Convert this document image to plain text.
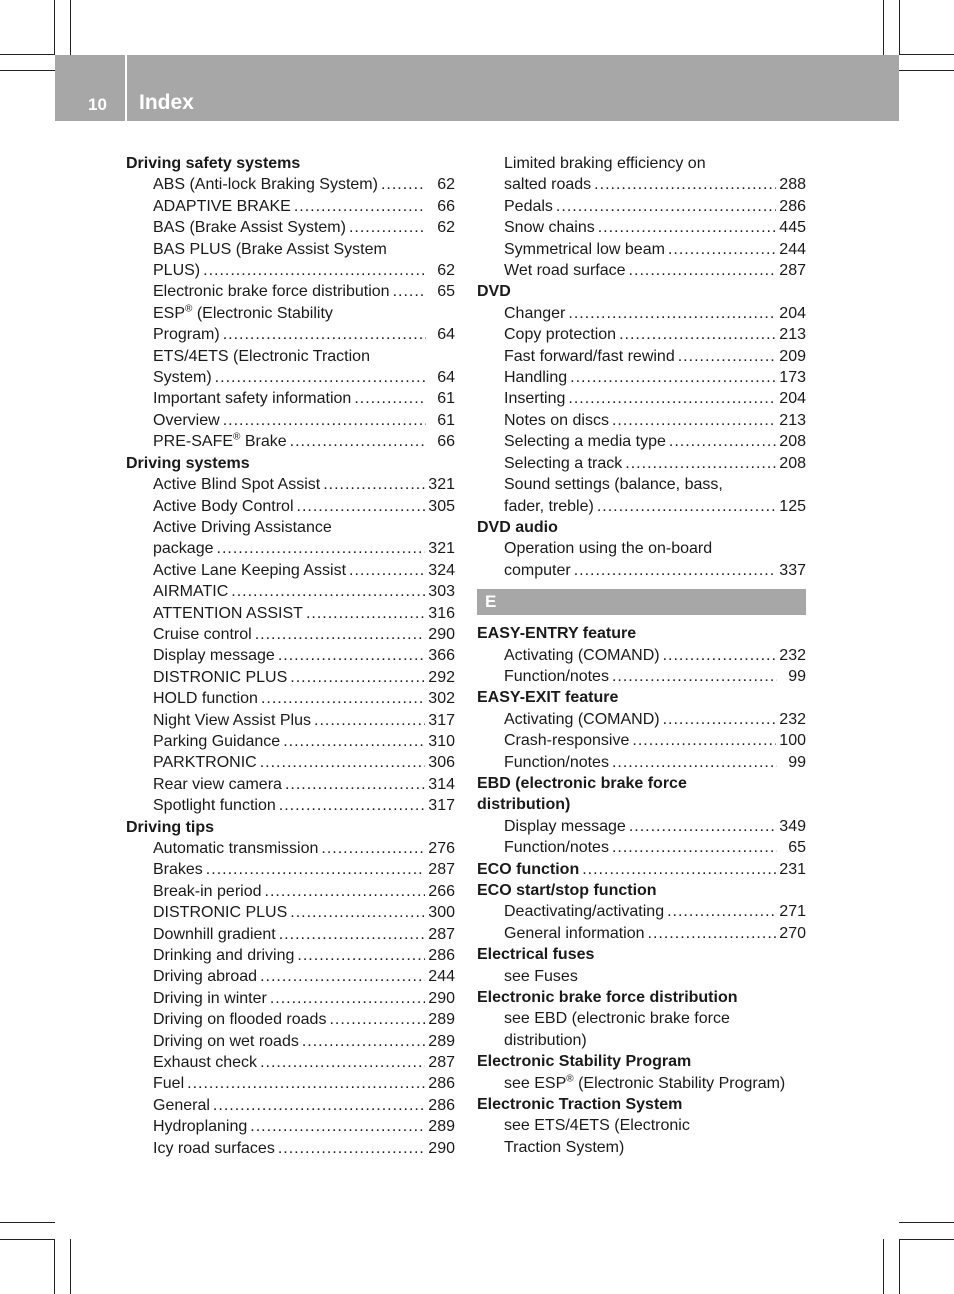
10 Index
Driving safety systems
ABS (Anti-lock Braking System) .....	62
ADAPTIVE BRAKE .....	66
BAS (Brake Assist System) .....	62
BAS PLUS (Brake Assist System
PLUS) .....	62
Electronic brake force distribution .....	65
ESP® (Electronic Stability
Program) .....	64
ETS/4ETS (Electronic Traction
System) .....	64
Important safety information .....	61
Overview .....	61
PRE-SAFE® Brake .....	66
Driving systems
Active Blind Spot Assist .....	321
Active Body Control .....	305
Active Driving Assistance
package .....	321
Active Lane Keeping Assist .....	324
AIRMATIC .....	303
ATTENTION ASSIST .....	316
Cruise control .....	290
Display message .....	366
DISTRONIC PLUS .....	292
HOLD function .....	302
Night View Assist Plus .....	317
Parking Guidance .....	310
PARKTRONIC .....	306
Rear view camera .....	314
Spotlight function .....	317
Driving tips
Automatic transmission .....	276
Brakes .....	287
Break-in period .....	266
DISTRONIC PLUS .....	300
Downhill gradient .....	287
Drinking and driving .....	286
Driving abroad .....	244
Driving in winter .....	290
Driving on flooded roads .....	289
Driving on wet roads .....	289
Exhaust check .....	287
Fuel .....	286
General .....	286
Hydroplaning .....	289
Icy road surfaces .....	290
Limited braking efficiency on
salted roads .....	288
Pedals .....	286
Snow chains .....	445
Symmetrical low beam .....	244
Wet road surface .....	287
DVD
Changer .....	204
Copy protection .....	213
Fast forward/fast rewind .....	209
Handling .....	173
Inserting .....	204
Notes on discs .....	213
Selecting a media type .....	208
Selecting a track .....	208
Sound settings (balance, bass,
fader, treble) .....	125
DVD audio
Operation using the on-board
computer .....	337
E
EASY-ENTRY feature
Activating (COMAND) .....	232
Function/notes .....	99
EASY-EXIT feature
Activating (COMAND) .....	232
Crash-responsive .....	100
Function/notes .....	99
EBD (electronic brake force
distribution)
Display message .....	349
Function/notes .....	65
ECO function .....	231
ECO start/stop function
Deactivating/activating .....	271
General information .....	270
Electrical fuses
see Fuses
Electronic brake force distribution
see EBD (electronic brake force
distribution)
Electronic Stability Program
see ESP® (Electronic Stability Program)
Electronic Traction System
see ETS/4ETS (Electronic
Traction System)
